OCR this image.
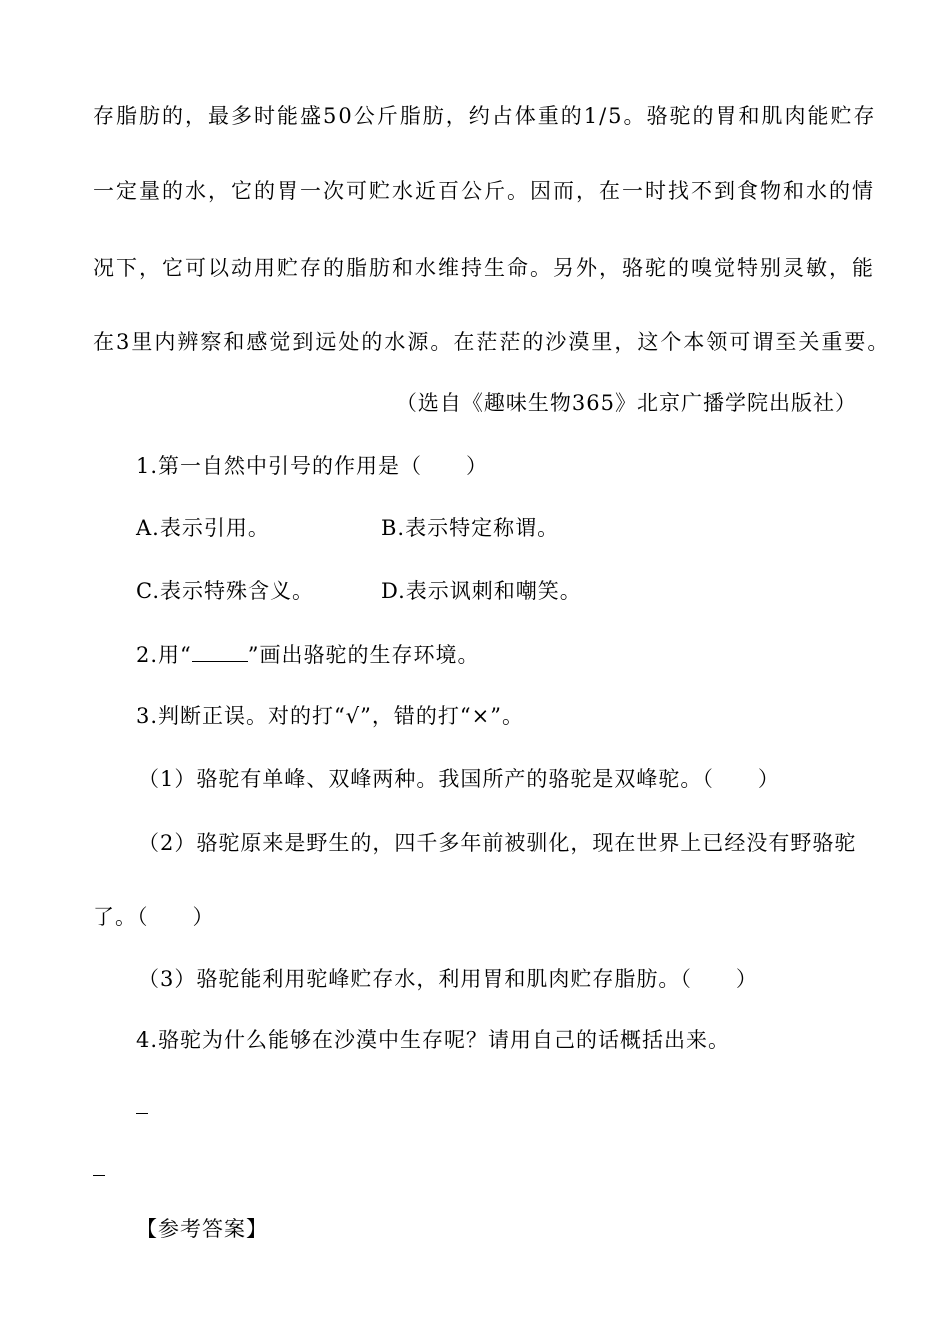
存脂肪的，最多时能盛50公斤脂肪，约占体重的1/5。骆驼的胃和肌肉能贮存
一定量的水，它的胃一次可贮水近百公斤。因而，在一时找不到食物和水的情
况下，它可以动用贮存的脂肪和水维持生命。另外，骆驼的嗅觉特别灵敏，能
在3里内辨察和感觉到远处的水源。在茫茫的沙漠里，这个本领可谓至关重要。
（选自《趣味生物365》北京广播学院出版社）
1.第一自然中引号的作用是（　　）
A.表示引用。	B.表示特定称谓。
C.表示特殊含义。	D.表示讽刺和嘲笑。
2.用“	”画出骆驼的生存环境。
3.判断正误。对的打“√”，错的打“×”。
（1）骆驼有单峰、双峰两种。我国所产的骆驼是双峰驼。（　　）
（2）骆驼原来是野生的，四千多年前被驯化，现在世界上已经没有野骆驼
了。（　　）
（3）骆驼能利用驼峰贮存水，利用胃和肌肉贮存脂肪。（　　）
4.骆驼为什么能够在沙漠中生存呢？请用自己的话概括出来。
【参考答案】
